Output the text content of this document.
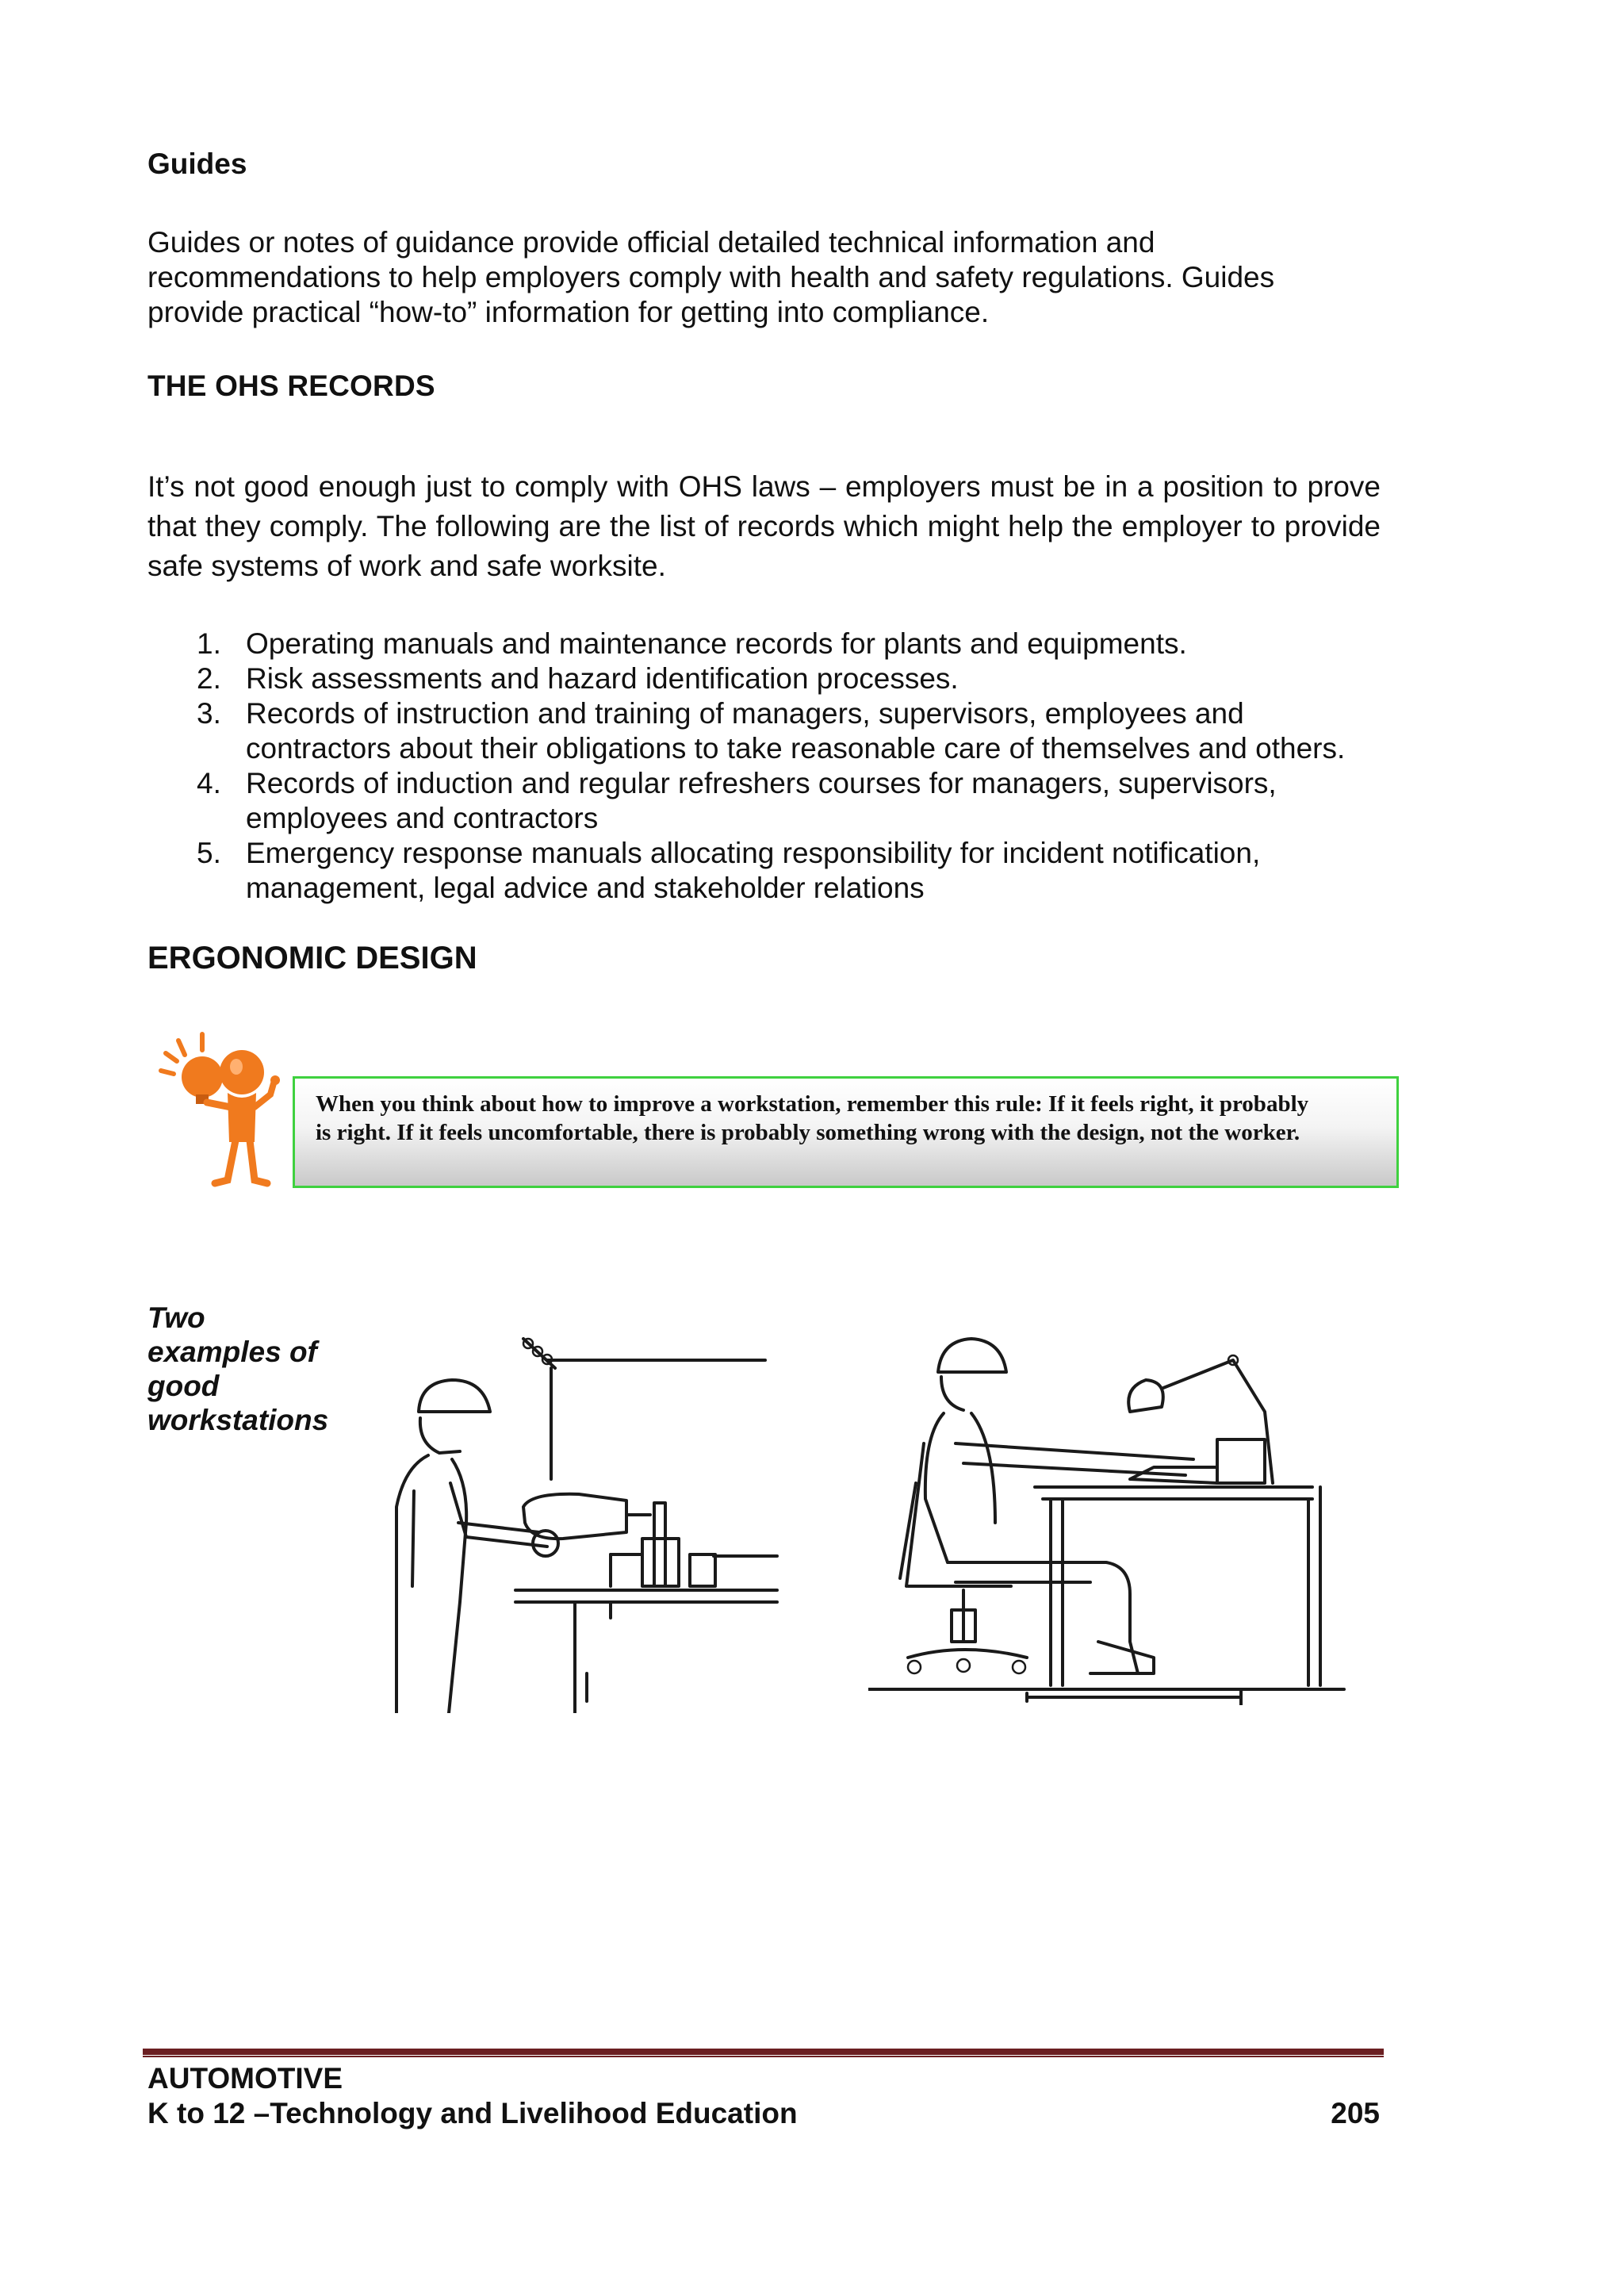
Guides
Guides or notes of guidance provide official detailed technical information and
recommendations to help employers comply with health and safety regulations. Guides
provide practical “how-to” information for getting into compliance.
THE OHS RECORDS
It’s not good enough just to comply with OHS laws – employers must be in a position to prove that they comply. The following are the list of records which might help the employer to provide safe systems of work and safe worksite.
1. Operating manuals and maintenance records for plants and equipments.
2. Risk assessments and hazard identification processes.
3. Records of instruction and training of managers, supervisors, employees and
contractors about their obligations to take reasonable care of themselves and others.
4. Records of induction and regular refreshers courses for managers, supervisors,
employees and contractors
5. Emergency response manuals allocating responsibility for incident notification,
management, legal advice and stakeholder relations
ERGONOMIC DESIGN
When you think about how to improve a workstation, remember this rule: If it feels right, it probably
is right. If it feels uncomfortable, there is probably something wrong with the design, not the worker.
Two
examples of
good
workstations
AUTOMOTIVE
K to 12 –Technology and Livelihood Education	205
